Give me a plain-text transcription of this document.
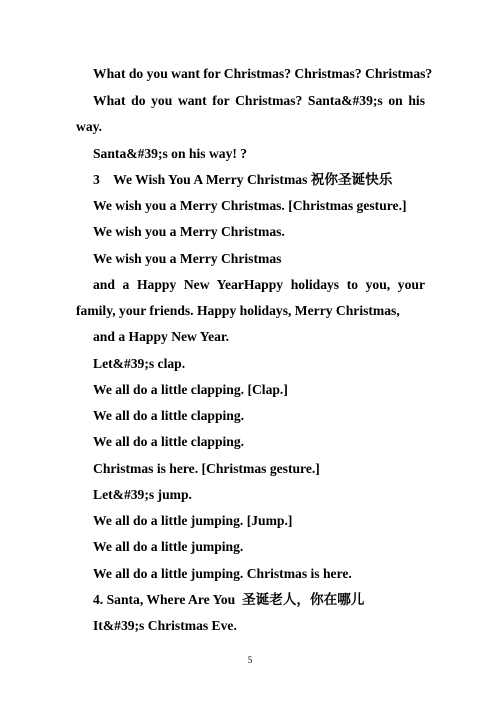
What do you want for Christmas? Christmas? Christmas?
What do you want for Christmas? Santa&#39;s on his
way.
Santa&#39;s on his way! ?
3    We Wish You A Merry Christmas 祝你圣诞快乐
We wish you a Merry Christmas. [Christmas gesture.]
We wish you a Merry Christmas.
We wish you a Merry Christmas
and a Happy New YearHappy holidays to you, your
family, your friends. Happy holidays, Merry Christmas,
and a Happy New Year.
Let&#39;s clap.
We all do a little clapping. [Clap.]
We all do a little clapping.
We all do a little clapping.
Christmas is here. [Christmas gesture.]
Let&#39;s jump.
We all do a little jumping. [Jump.]
We all do a little jumping.
We all do a little jumping. Christmas is here.
4. Santa, Where Are You  圣诞老人，你在哪儿
It&#39;s Christmas Eve.
5
